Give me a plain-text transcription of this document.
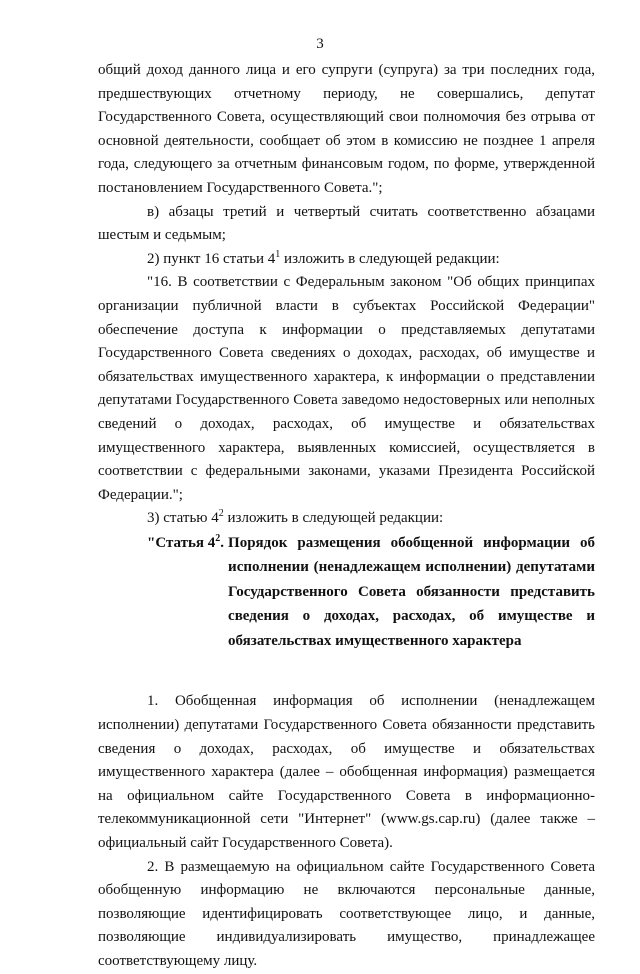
3

общий доход данного лица и его супруги (супруга) за три последних года, предшествующих отчетному периоду, не совершались, депутат Государственного Совета, осуществляющий свои полномочия без отрыва от основной деятельности, сообщает об этом в комиссию не позднее 1 апреля года, следующего за отчетным финансовым годом, по форме, утвержденной постановлением Государственного Совета.";

в) абзацы третий и четвертый считать соответственно абзацами шестым и седьмым;

2) пункт 16 статьи $4^1$ изложить в следующей редакции:

"16. В соответствии с Федеральным законом "Об общих принципах организации публичной власти в субъектах Российской Федерации" обеспечение доступа к информации о представляемых депутатами Государственного Совета сведениях о доходах, расходах, об имуществе и обязательствах имущественного характера, к информации о представлении депутатами Государственного Совета заведомо недостоверных или неполных сведений о доходах, расходах, об имуществе и обязательствах имущественного характера, выявленных комиссией, осуществляется в соответствии с федеральными законами, указами Президента Российской Федерации.";

3) статью $4^2$ изложить в следующей редакции:

"Статья $4^2$. Порядок размещения обобщенной информации об исполнении (ненадлежащем исполнении) депутатами Государственного Совета обязанности представить сведения о доходах, расходах, об имуществе и обязательствах имущественного характера

1. Обобщенная информация об исполнении (ненадлежащем исполнении) депутатами Государственного Совета обязанности представить сведения о доходах, расходах, об имуществе и обязательствах имущественного характера (далее – обобщенная информация) размещается на официальном сайте Государственного Совета в информационно-телекоммуникационной сети "Интернет" (www.gs.cap.ru) (далее также – официальный сайт Государственного Совета).

2. В размещаемую на официальном сайте Государственного Совета обобщенную информацию не включаются персональные данные, позволяющие идентифицировать соответствующее лицо, и данные, позволяющие индивидуализировать имущество, принадлежащее соответствующему лицу.
